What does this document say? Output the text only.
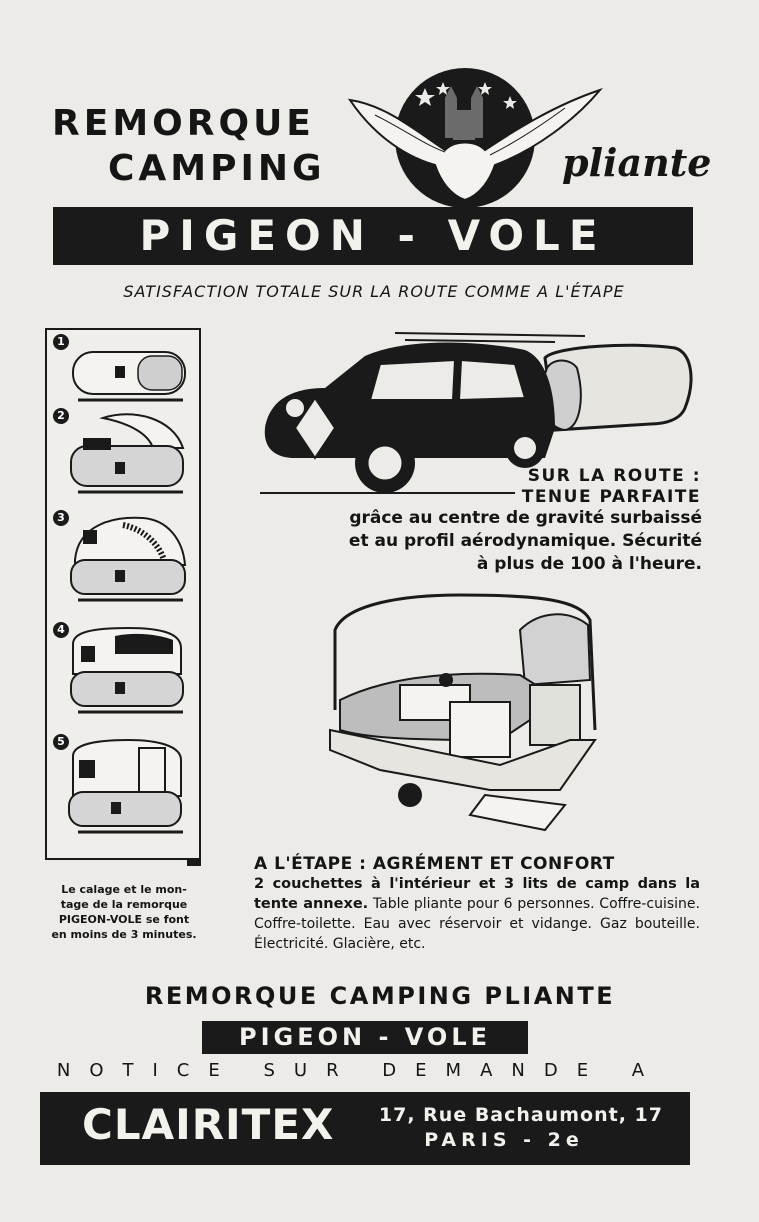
REMORQUE
CAMPING	pliante
PIGEON - VOLE
SATISFACTION TOTALE SUR LA ROUTE COMME A L'ÉTAPE
1
2
3
4
5
Le calage et le mon-
tage de la remorque
PIGEON-VOLE se font
en moins de 3 minutes.
SUR LA ROUTE :
TENUE PARFAITE
grâce au centre de gravité surbaissé
et au profil aérodynamique. Sécurité
à plus de 100 à l'heure.
A L'ÉTAPE : AGRÉMENT ET CONFORT
2 couchettes à l'intérieur et 3 lits de camp dans la tente annexe. Table pliante pour 6 personnes. Coffre-cuisine. Coffre-toilette. Eau avec réservoir et vidange. Gaz bouteille. Électricité. Glacière, etc.
REMORQUE CAMPING PLIANTE
PIGEON - VOLE
NOTICE SUR DEMANDE A
CLAIRITEX	17, Rue Bachaumont, 17
PARIS - 2e
